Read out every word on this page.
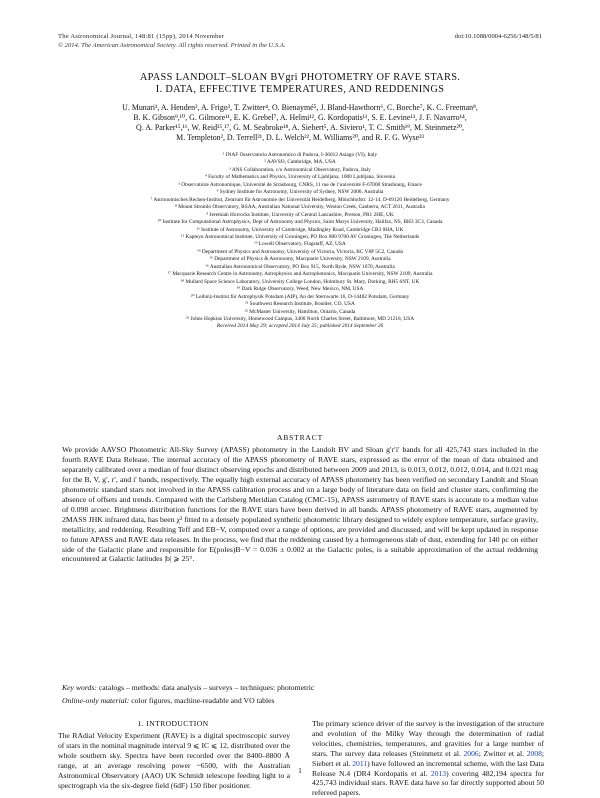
The Astronomical Journal, 148:81 (15pp), 2014 November	doi:10.1088/0004-6256/148/5/81
© 2014. The American Astronomical Society. All rights reserved. Printed in the U.S.A.
APASS LANDOLT–SLOAN BVgri PHOTOMETRY OF RAVE STARS.
I. DATA, EFFECTIVE TEMPERATURES, AND REDDENINGS
U. Munari¹, A. Henden², A. Frigo³, T. Zwitter⁴, O. Bienaymé⁵, J. Bland-Hawthorn⁶, C. Boeche⁷, K. C. Freeman⁸,
B. K. Gibson⁹,¹⁰, G. Gilmore¹¹, E. K. Grebel⁷, A. Helmi¹², G. Kordopatis¹¹, S. E. Levine¹³, J. F. Navarro¹⁴,
Q. A. Parker¹⁵,¹⁶, W. Reid¹⁵,¹⁷, G. M. Seabroke¹⁸, A. Siebert⁵, A. Siviero¹, T. C. Smith¹⁹, M. Steinmetz²⁰,
M. Templeton², D. Terrell²¹, D. L. Welch²², M. Williams²⁰, and R. F. G. Wyse²³
¹ INAF Osservatorio Astronomico di Padova, I-36012 Asiago (VI), Italy
² AAVSO, Cambridge, MA, USA
³ ANS Collaboration, c/o Astronomical Observatory, Padova, Italy
⁴ Faculty of Mathematics and Physics, University of Ljubljana, 1000 Ljubljana, Slovenia
⁵ Observatoire Astronomique, Université de Strasbourg, CNRS, 11 rue de l’université F-67000 Strasbourg, France
⁶ Sydney Institute for Astronomy, University of Sydney, NSW 2006, Australia
⁷ Astronomisches Rechen-Institut, Zentrum für Astronomie der Universität Heidelberg, Mönchhofstr. 12-14, D-69120 Heidelberg, Germany
⁸ Mount Stromlo Observatory, RSAA, Australian National University, Weston Creek, Canberra, ACT 2611, Australia
⁹ Jeremiah Horrocks Institute, University of Central Lancashire, Preston, PR1 2HE, UK
¹⁰ Institute for Computational Astrophysics, Dept of Astronomy and Physics, Saint Marys University, Halifax, NS, BH3 3C3, Canada
¹¹ Institute of Astronomy, University of Cambridge, Madingley Road, Cambridge CB3 0HA, UK
¹² Kapteyn Astronomical Institute, University of Groningen, PO Box 800 9700 AV Groningen, The Netherlands
¹³ Lowell Observatory, Flagstaff, AZ, USA
¹⁴ Department of Physics and Astronomy, University of Victoria, Victoria, BC V8P 5C2, Canada
¹⁵ Department of Physics & Astronomy, Macquarie University, NSW 2109, Australia
¹⁶ Australian Astronomical Observatory, PO Box 915, North Ryde, NSW 1670, Australia
¹⁷ Macquarie Research Centre in Astronomy, Astrophysics and Astrophotonics, Macquarie University, NSW 2109, Australia
¹⁸ Mullard Space Science Laboratory, University College London, Holmbury St. Mary, Dorking, RH5 6NT, UK
¹⁹ Dark Ridge Observatory, Weed, New Mexico, NM, USA
²⁰ Leibniz-Institut für Astrophysik Potsdam (AIP), An der Sternwarte 16, D-14482 Potsdam, Germany
²¹ Southwest Research Institute, Boulder, CO, USA
²² McMaster University, Hamilton, Ontario, Canada
²³ Johns Hopkins University, Homewood Campus, 3400 North Charles Street, Baltimore, MD 21218, USA
Received 2014 May 29; accepted 2014 July 25; published 2014 September 26
ABSTRACT
We provide AAVSO Photometric All-Sky Survey (APASS) photometry in the Landolt BV and Sloan g′r′i′ bands for all 425,743 stars included in the fourth RAVE Data Release. The internal accuracy of the APASS photometry of RAVE stars, expressed as the error of the mean of data obtained and separately calibrated over a median of four distinct observing epochs and distributed between 2009 and 2013, is 0.013, 0.012, 0.012, 0.014, and 0.021 mag for the B, V, g′, r′, and i′ bands, respectively. The equally high external accuracy of APASS photometry has been verified on secondary Landolt and Sloan photometric standard stars not involved in the APASS calibration process and on a large body of literature data on field and cluster stars, confirming the absence of offsets and trends. Compared with the Carlsberg Meridian Catalog (CMC-15), APASS astrometry of RAVE stars is accurate to a median value of 0.098 arcsec. Brightness distribution functions for the RAVE stars have been derived in all bands. APASS photometry of RAVE stars, augmented by 2MASS JHK infrared data, has been χ² fitted to a densely populated synthetic photometric library designed to widely explore temperature, surface gravity, metallicity, and reddening. Resulting Teff and EB−V, computed over a range of options, are provided and discussed, and will be kept updated in response to future APASS and RAVE data releases. In the process, we find that the reddening caused by a homogeneous slab of dust, extending for 140 pc on either side of the Galactic plane and responsible for E(poles)B−V = 0.036 ± 0.002 at the Galactic poles, is a suitable approximation of the actual reddening encountered at Galactic latitudes |b| ⩾ 25°.
Key words: catalogs – methods: data analysis – surveys – techniques: photometric
Online-only material: color figures, machine-readable and VO tables
1. INTRODUCTION
The RAdial Velocity Experiment (RAVE) is a digital spectroscopic survey of stars in the nominal magnitude interval 9 ⩽ IC ⩽ 12, distributed over the whole southern sky. Spectra have been recorded over the 8400–8800 Å range, at an average resolving power ~6500, with the Australian Astronomical Observatory (AAO) UK Schmidt telescope feeding light to a spectrograph via the six-degree field (6dF) 150 fiber positioner.
The primary science driver of the survey is the investigation of the structure and evolution of the Milky Way through the determination of radial velocities, chemistries, temperatures, and gravities for a large number of stars. The survey data releases (Steinmetz et al. 2006; Zwitter et al. 2008; Siebert et al. 2011) have followed an incremental scheme, with the last Data Release N.4 (DR4 Kordopatis et al. 2013) covering 482,194 spectra for 425,743 individual stars. RAVE data have so far directly supported about 50 refereed papers.
1
